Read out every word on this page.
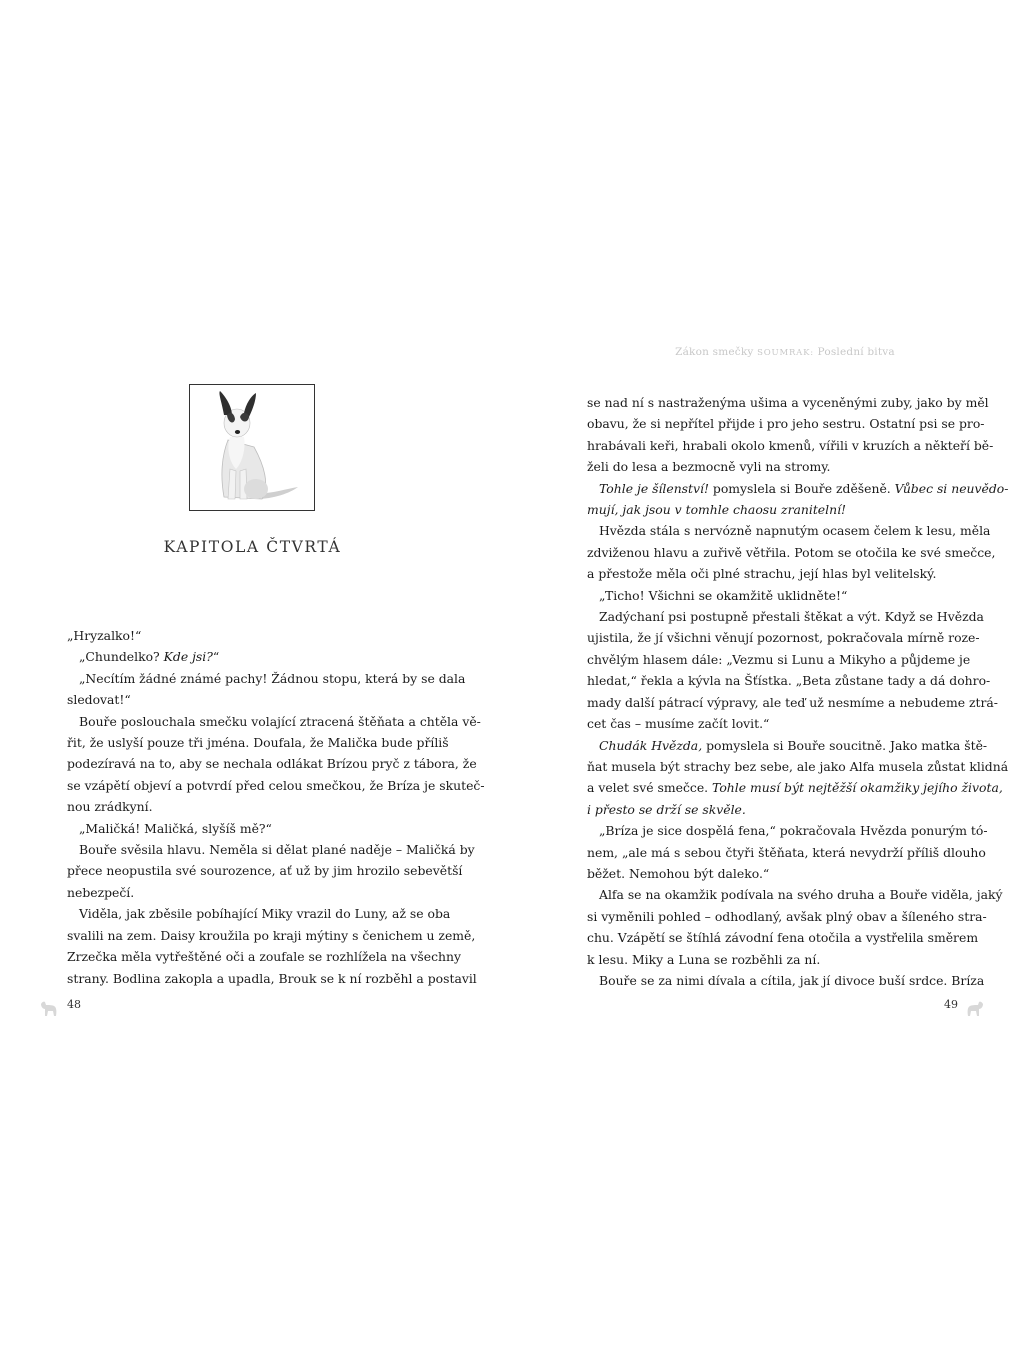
Zákon smečky SOUMRAK: Poslední bitva
KAPITOLA ČTVRTÁ
„Hryzalko!“
„Chundelko? Kde jsi?“
„Necítím žádné známé pachy! Žádnou stopu, která by se dala
sledovat!“
Bouře poslouchala smečku volající ztracená štěňata a chtěla vě-
řit, že uslyší pouze tři jména. Doufala, že Malička bude příliš
podezíravá na to, aby se nechala odlákat Brízou pryč z tábora, že
se vzápětí objeví a potvrdí před celou smečkou, že Bríza je skuteč-
nou zrádkyní.
„Maličká! Maličká, slyšíš mě?“
Bouře svěsila hlavu. Neměla si dělat plané naděje – Maličká by
přece neopustila své sourozence, ať už by jim hrozilo sebevětší
nebezpečí.
Viděla, jak zběsile pobíhající Miky vrazil do Luny, až se oba
svalili na zem. Daisy kroužila po kraji mýtiny s čenichem u země,
Zrzečka měla vytřeštěné oči a zoufale se rozhlížela na všechny
strany. Bodlina zakopla a upadla, Brouk se k ní rozběhl a postavil
se nad ní s nastraženýma ušima a vyceněnými zuby, jako by měl
obavu, že si nepřítel přijde i pro jeho sestru. Ostatní psi se pro-
hrabávali keři, hrabali okolo kmenů, vířili v kruzích a někteří bě-
želi do lesa a bezmocně vyli na stromy.
Tohle je šílenství! pomyslela si Bouře zděšeně. Vůbec si neuvědo-
mují, jak jsou v tomhle chaosu zranitelní!
Hvězda stála s nervózně napnutým ocasem čelem k lesu, měla
zdviženou hlavu a zuřivě větřila. Potom se otočila ke své smečce,
a přestože měla oči plné strachu, její hlas byl velitelský.
„Ticho! Všichni se okamžitě uklidněte!“
Zadýchaní psi postupně přestali štěkat a výt. Když se Hvězda
ujistila, že jí všichni věnují pozornost, pokračovala mírně roze-
chvělým hlasem dále: „Vezmu si Lunu a Mikyho a půjdeme je
hledat,“ řekla a kývla na Šťístka. „Beta zůstane tady a dá dohro-
mady další pátrací výpravy, ale teď už nesmíme a nebudeme ztrá-
cet čas – musíme začít lovit.“
Chudák Hvězda, pomyslela si Bouře soucitně. Jako matka ště-
ňat musela být strachy bez sebe, ale jako Alfa musela zůstat klidná
a velet své smečce. Tohle musí být nejtěžší okamžiky jejího života,
i přesto se drží se skvěle.
„Bríza je sice dospělá fena,“ pokračovala Hvězda ponurým tó-
nem, „ale má s sebou čtyři štěňata, která nevydrží příliš dlouho
běžet. Nemohou být daleko.“
Alfa se na okamžik podívala na svého druha a Bouře viděla, jaký
si vyměnili pohled – odhodlaný, avšak plný obav a šíleného stra-
chu. Vzápětí se štíhlá závodní fena otočila a vystřelila směrem
k lesu. Miky a Luna se rozběhli za ní.
Bouře se za nimi dívala a cítila, jak jí divoce buší srdce. Bríza
48	49
